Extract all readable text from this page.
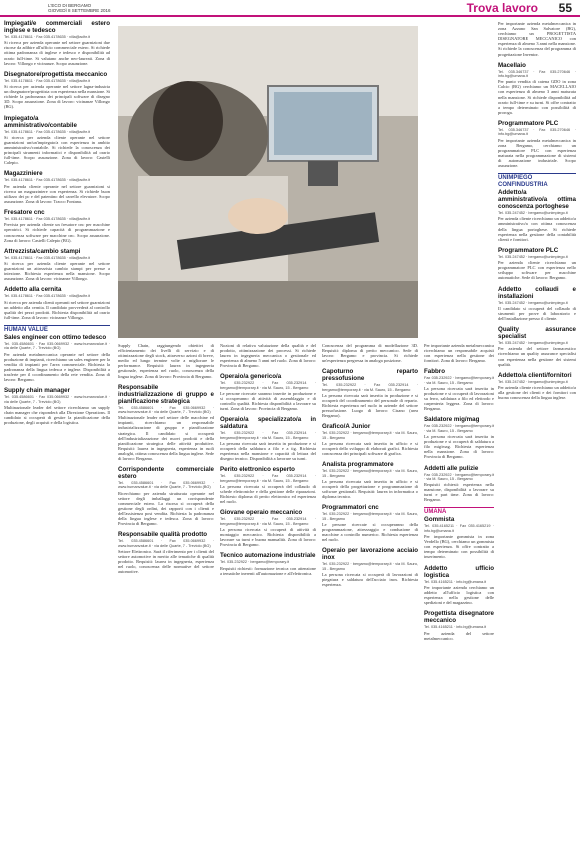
L'ECO DI BERGAMO
GIOVEDÌ 8 SETTEMBRE 2016	Trova lavoro 55
Impiegati/e commerciali estero inglese e tedesco
Tel. 035.4178611 · Fax 035.4178635 · villa@adhr.it
Si ricerca per azienda operante nel settore guarnizioni due risorse da adibire all'ufficio commerciale estero. Si richiede ottima padronanza di inglese e tedesco e disponibilità ad orario full-time. Si valutano anche neo-laureati. Zona di lavoro: Villongo e vicinanze. Scopo assunzione.
Disegnatore/progettista meccanico
Tel. 035.4178611 · Fax 035.4178635 · villa@adhr.it
Si ricerca per azienda operante nel settore lagna-industria un disegnatore/progettista con esperienza nella mansione. Si richiede la padronanza dei principali software di disegno 3D. Scopo assunzione. Zona di lavoro: vicinanze Villongo (BG).
Impiegato/a amministrativo/contabile
Tel. 035.4178611 · Fax 035.4178635 · villa@adhr.it
Si ricerca per azienda cliente operante nel settore guarnizioni un/un'impiegato/a con esperienza in ambito amministrativo/contabile. Si richiede la conoscenza dei principali strumenti informatici e disponibilità ad orario full-time. Scopo assunzione. Zona di lavoro: Castelli Calepio.
Magazziniere
Tel. 035.4178611 · Fax 035.4178635 · villa@adhr.it
Per azienda cliente operante nel settore guarnizioni si ricerca un magazziniere con esperienza. Si richiede buon utilizzo dei pc e del patentino del carrello elevatore. Scopo assunzione. Zona di lavoro: Tracco Fontana.
Fresatore cnc
Tel. 035.4178611 · Fax 035.4178635 · villa@adhr.it
Prevista per azienda cliente un fresatore cnc per macchine operatrici. Si richiede capacità di programmazione e conoscenza software per macchine cnc. Scopo assunzione. Zona di lavoro: Castelli Calepio (BG).
Attrezzista/cambio stampi
Tel. 035.4178611 · Fax 035.4178635 · villa@adhr.it
Si ricerca per azienda cliente operante nel settore guarnizioni un attrezzista cambio stampi per presse a iniezione. Richiesta esperienza nella mansione. Scopo assunzione. Zona di lavoro: vicinanze Villongo.
Addetto alla cernita
Tel. 035.4178611 · Fax 035.4178635 · villa@adhr.it
Si ricerca per azienda clienti operanti nel settore guarnizioni un addetto alla cernita. Il candidato provvederà al controllo qualità dei pezzi prodotti. Richiesta disponibilità ad orario full-time. Zona di lavoro: vicinanze Villongo.
HUMAN VALUE
Sales engineer con ottimo tedesco
Tel. 035.4586601 · Fax 035.0669932 · www.humanvalue.it · via delle Quarte, 7 - Treviolo (BG)
Per azienda metalmeccanica operante nel settore della produzione di impianti, ricerchiamo un sales engineer per la vendita di impianti per l'area commerciale. Richiesta la padronanza della lingua tedesca e inglese. Disponibilità a trasferte per il coordinamento della rete vendita. Zona di lavoro: Bergamo.
Supply chain manager
Tel. 035.4586601 · Fax 035.0669932 · www.humanvalue.it · via delle Quarte, 7 - Treviolo (BG)
Multinazionale leader del settore ricerchiamo un supply chain manager che risponderà alla Direzione Operations. Il candidato si occuperà di gestire la pianificazione della produzione, degli acquisti e della logistica.
Supply Chain, raggiungendo obiettivi di efficientamento dei livelli di servizio e di ottimizzazione degli stock, attraverso azioni di breve, medio ed lungo termine volte a migliorare le performance. Requisiti: laurea in ingegneria gestionale, esperienza nel ruolo, conoscenza della lingua inglese. Zona di lavoro: Provincia di Bergamo.
Responsabile industrializzazione di gruppo e pianificazione strategica
Tel. 035.4586601 · Fax 035.0669932 · www.humanvalue.it · via delle Quarte, 7 - Treviolo (BG)
Multinazionale leader nel settore delle macchine ed impianti, ricerchiamo un responsabile industrializzazione di gruppo e pianificazione strategica. Il candidato si occuperà dell'industrializzazione dei nuovi prodotti e della pianificazione strategica delle attività produttive. Requisiti: laurea in ingegneria, esperienza in ruoli analoghi, ottima conoscenza della lingua inglese. Sede di lavoro: Bergamo.
Corrispondente commerciale estero
Tel. 035.4586601 · Fax 035.0669932 · www.humanvalue.it · via delle Quarte, 7 - Treviolo (BG)
Ricerchiamo per azienda strutturata operante nel settore degli imballaggi un corrispondente commerciale estero. La risorsa si occuperà della gestione degli ordini, dei rapporti con i clienti e dell'assistenza post vendita. Richiesta la padronanza della lingua inglese e tedesca. Zona di lavoro: Provincia di Bergamo.
Responsabile qualità prodotto
Tel. 035.4586601 · Fax 035.0669932 · www.humanvalue.it · via delle Quarte, 7 - Treviolo (BG)
Settore Elettronico. Sarà il riferimento per i clienti del settore automotive in merito alle tematiche di qualità prodotto. Requisiti: laurea in ingegneria, esperienza nel ruolo, conoscenza delle normative del settore automotive.
Nozioni di relativa valutazione della qualità e del prodotto, ottimizzazione dei processi. Si richiede laurea in ingegneria meccanica o gestionale ed esperienza di almeno 5 anni nel ruolo. Zona di lavoro: Provincia di Bergamo.
Operaio/a generico/a
Tel. 035.232922 · Fax 035.232914 · bergamo@temporary.it · via M. Sauro, 15 - Bergamo
Le persone ricercate saranno inserite in produzione e si occuperanno di attività di assemblaggio e di controllo qualità. Richiesta disponibilità a lavorare su turni. Zona di lavoro: Provincia di Bergamo.
Operaio/a specializzato/a in saldatura
Tel. 035.232922 · Fax 035.232914 · bergamo@temporary.it · via M. Sauro, 15 - Bergamo
La persona ricercata sarà inserita in produzione e si occuperà della saldatura a filo e a tig. Richiesta esperienza nella mansione e capacità di lettura del disegno tecnico. Disponibilità a lavorare su turni.
Perito elettronico esperto
Tel. 035.232922 · Fax 035.232914 · bergamo@temporary.it · via M. Sauro, 15 - Bergamo
La persona ricercata si occuperà del collaudo di schede elettroniche e della gestione delle riparazioni. Richiesto diploma di perito elettronico ed esperienza nel ruolo.
Giovane operaio meccanico
Tel. 035.232922 · Fax 035.232914 · bergamo@temporary.it · via M. Sauro, 15 - Bergamo
La persona ricercata si occuperà di attività di montaggio meccanico. Richiesta disponibilità a lavorare su turni e buona manualità. Zona di lavoro: Provincia di Bergamo.
Tecnico automazione industriale
Tel. 035.232922 · bergamo@temporary.it
Requisiti richiesti: formazione tecnica con attenzione a tematiche inerenti all'automazione e all'elettronica.
Conoscenza del programma di modellazione 3D. Requisiti: diploma di perito meccanico. Sede di lavoro: Bergamo e provincia. Si richiede un'esperienza pregressa in analoga posizione.
Capoturno reparto pressofusione
Tel. 035.232922 · Fax 035.232914 · bergamo@temporary.it · via M. Sauro, 15 - Bergamo
La persona ricercata sarà inserita in produzione e si occuperà del coordinamento del personale di reparto. Richiesta esperienza nel ruolo in aziende del settore pressofusione. Luogo di lavoro: Cisano (area Bergamo).
Grafico/A Junior
Tel. 035.232922 · bergamo@temporary.it · via M. Sauro, 15 - Bergamo
La persona ricercata sarà inserita in ufficio e si occuperà dello sviluppo di elaborati grafici. Richiesta conoscenza dei principali software di grafica.
Analista programmatore
Tel. 035.232922 · bergamo@temporary.it · via M. Sauro, 15 - Bergamo
La persona ricercata sarà inserita in ufficio e si occuperà della progettazione e programmazione di software gestionali. Requisiti: laurea in informatica o diploma tecnico.
Programmatori cnc
Tel. 035.232922 · bergamo@temporary.it · via M. Sauro, 15 - Bergamo
Le persone ricercate si occuperanno della programmazione, attrezzaggio e conduzione di macchine a controllo numerico. Richiesta esperienza nel ruolo.
Operaio per lavorazione acciaio inox
Tel. 035.232922 · bergamo@temporary.it · via M. Sauro, 15 - Bergamo
La persona ricercata si occuperà di lavorazioni di piegatura e saldatura dell'acciaio inox. Richiesta esperienza.
Per importante azienda metalmeccanica ricerchiamo un responsabile acquisti con esperienza nella gestione dei fornitori. Zona di lavoro: Bergamo.
Fabbro
Fax 035.232922 · bergamo@temporary.it · via M. Sauro, 15 - Bergamo
La persona ricercata sarà inserita in produzione e si occuperà di lavorazioni su ferro, saldatura a filo ed elettrodo e carpenteria leggera. Zona di lavoro: Bergamo.
Saldatore mig/mag
Fax 035.232922 · bergamo@temporary.it · via M. Sauro, 15 - Bergamo
La persona ricercata sarà inserita in produzione e si occuperà di saldatura a filo mig/mag. Richiesta esperienza nella mansione. Zona di lavoro: Provincia di Bergamo.
Addetti alle pulizie
Fax 035.232922 · bergamo@temporary.it · via M. Sauro, 15 - Bergamo
Requisiti richiesti: esperienza nella mansione, disponibilità a lavorare su turni e part time. Zona di lavoro: Bergamo.
UMANA
Gommista
Tel. 035.4165211 · Fax 035.4165219 · info.bg@umana.it
Per importante gommista in zona Verdello (BG), cerchiamo un gommista con esperienza. Si offre contratto a tempo determinato con possibilità di inserimento.
Addetto ufficio logistica
Tel. 035.4165211 · info.bg@umana.it
Per importante azienda cerchiamo un addetto all'ufficio logistica con esperienza nella gestione delle spedizioni e del magazzino.
Progettista disegnatore meccanico
Tel. 035.4165211 · info.bg@umana.it
Per azienda del settore metalmeccanico.
Per importante azienda metalmeccanica in zona Azzano San Salvatore (BG), cerchiamo un PROGETTISTA DISEGNATORE MECCANICO con esperienza di almeno 3 anni nella mansione. Si richiede la conoscenza del programma di progettazione Inventor.
Macellaio
Tel. 035.346737 · Fax 035.270646 · info.bg@umana.it
Per punto vendita di catena GDO in zona Calcio (BG) cerchiamo un MACELLAIO con esperienza di almeno 3 anni maturata nella mansione. Si richiede disponibilità ad orario full-time e su turni. Si offre contratto a tempo determinato con possibilità di proroga.
Programmatore PLC
Tel. 035.346737 · Fax 035.270646 · info.bg@umana.it
Per importante azienda metalmeccanica in zona Bergamo, cerchiamo un programmatore PLC con esperienza maturata nella programmazione di sistemi di automazione industriale. Scopo assunzione.
UNIMPIEGO CONFINDUSTRIA
Addetto/a amministrativo/a ottima conoscenza portoghese
Tel. 035.247452 · bergamo@unimpiego.it
Per azienda cliente ricerchiamo un addetto/a amministrativo/a con ottima conoscenza della lingua portoghese. Si richiede esperienza nella gestione della contabilità clienti e fornitori.
Programmatore PLC
Tel. 035.247452 · bergamo@unimpiego.it
Per azienda cliente ricerchiamo un programmatore PLC con esperienza nello sviluppo software per macchine automatiche. Sede di lavoro: Bergamo.
Addetto collaudi e installazioni
Tel. 035.247452 · bergamo@unimpiego.it
Il candidato si occuperà del collaudo di strumenti per prove di laboratorio e dell'installazione presso il cliente.
Quality assurance specialist
Tel. 035.247452 · bergamo@unimpiego.it
Per azienda del settore farmaceutico ricerchiamo un quality assurance specialist con esperienza nella gestione dei sistemi qualità.
Addetto/a clienti/fornitori
Tel. 035.247452 · bergamo@unimpiego.it
Per azienda cliente ricerchiamo un addetto/a alla gestione dei clienti e dei fornitori con buona conoscenza della lingua inglese.
